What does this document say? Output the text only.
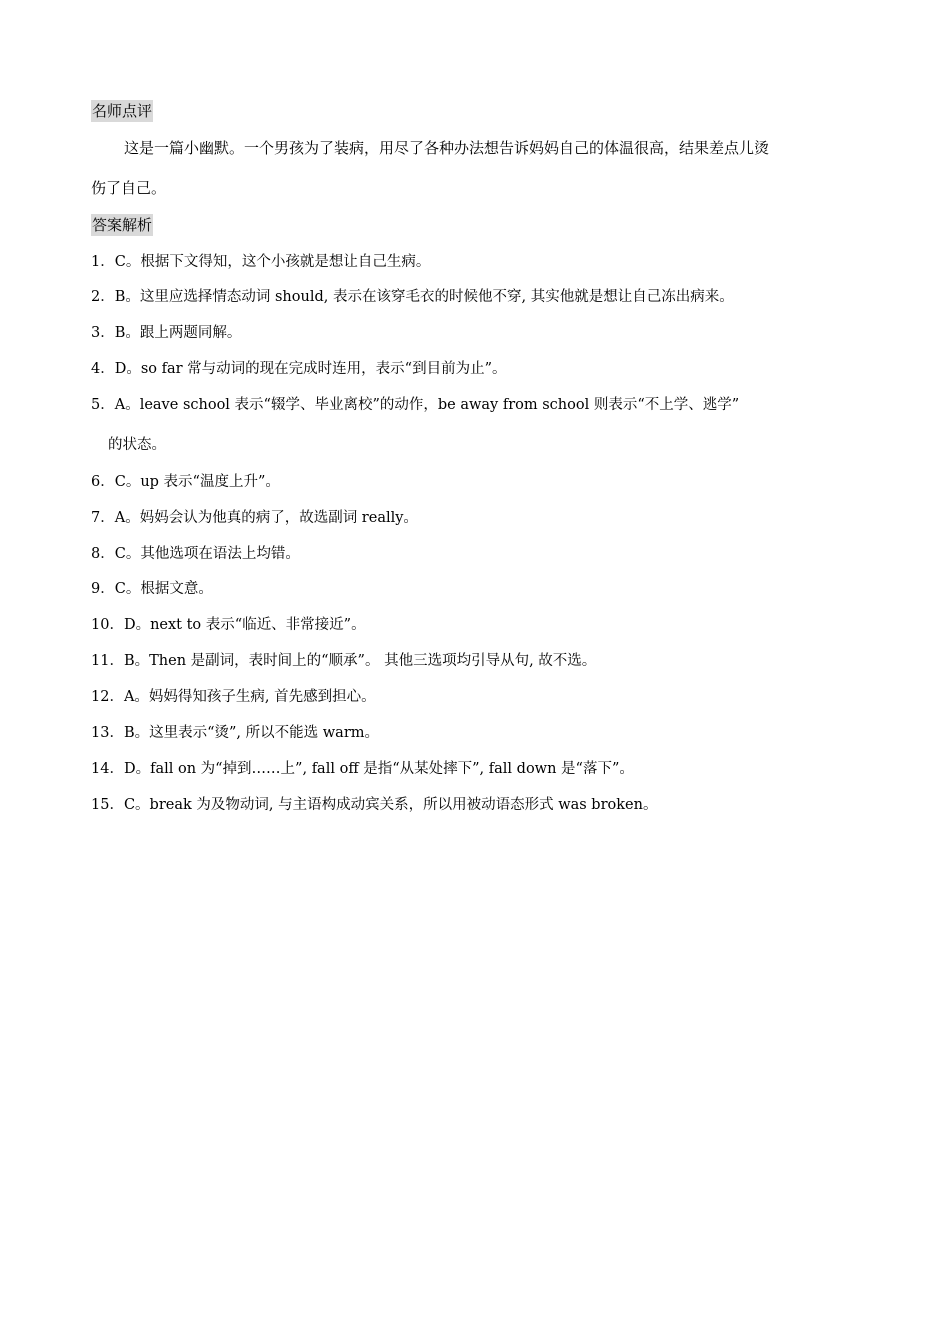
名师点评
这是一篇小幽默。一个男孩为了装病，用尽了各种办法想告诉妈妈自己的体温很高，结果差点儿烫
伤了自己。
答案解析
1．C。根据下文得知，这个小孩就是想让自己生病。
2．B。这里应选择情态动词 should, 表示在该穿毛衣的时候他不穿, 其实他就是想让自己冻出病来。
3．B。跟上两题同解。
4．D。so far 常与动词的现在完成时连用，表示“到目前为止”。
5．A。leave school 表示“辍学、毕业离校”的动作，be away from school 则表示“不上学、逃学”
的状态。
6．C。up 表示“温度上升”。
7．A。妈妈会认为他真的病了，故选副词 really。
8．C。其他选项在语法上均错。
9．C。根据文意。
10．D。next to 表示“临近、非常接近”。
11．B。Then 是副词，表时间上的“顺承”。 其他三选项均引导从句, 故不选。
12．A。妈妈得知孩子生病, 首先感到担心。
13．B。这里表示“烫”, 所以不能选 warm。
14．D。fall on 为“掉到……上”, fall off 是指“从某处摔下”, fall down 是“落下”。
15．C。break 为及物动词, 与主语构成动宾关系，所以用被动语态形式 was broken。
